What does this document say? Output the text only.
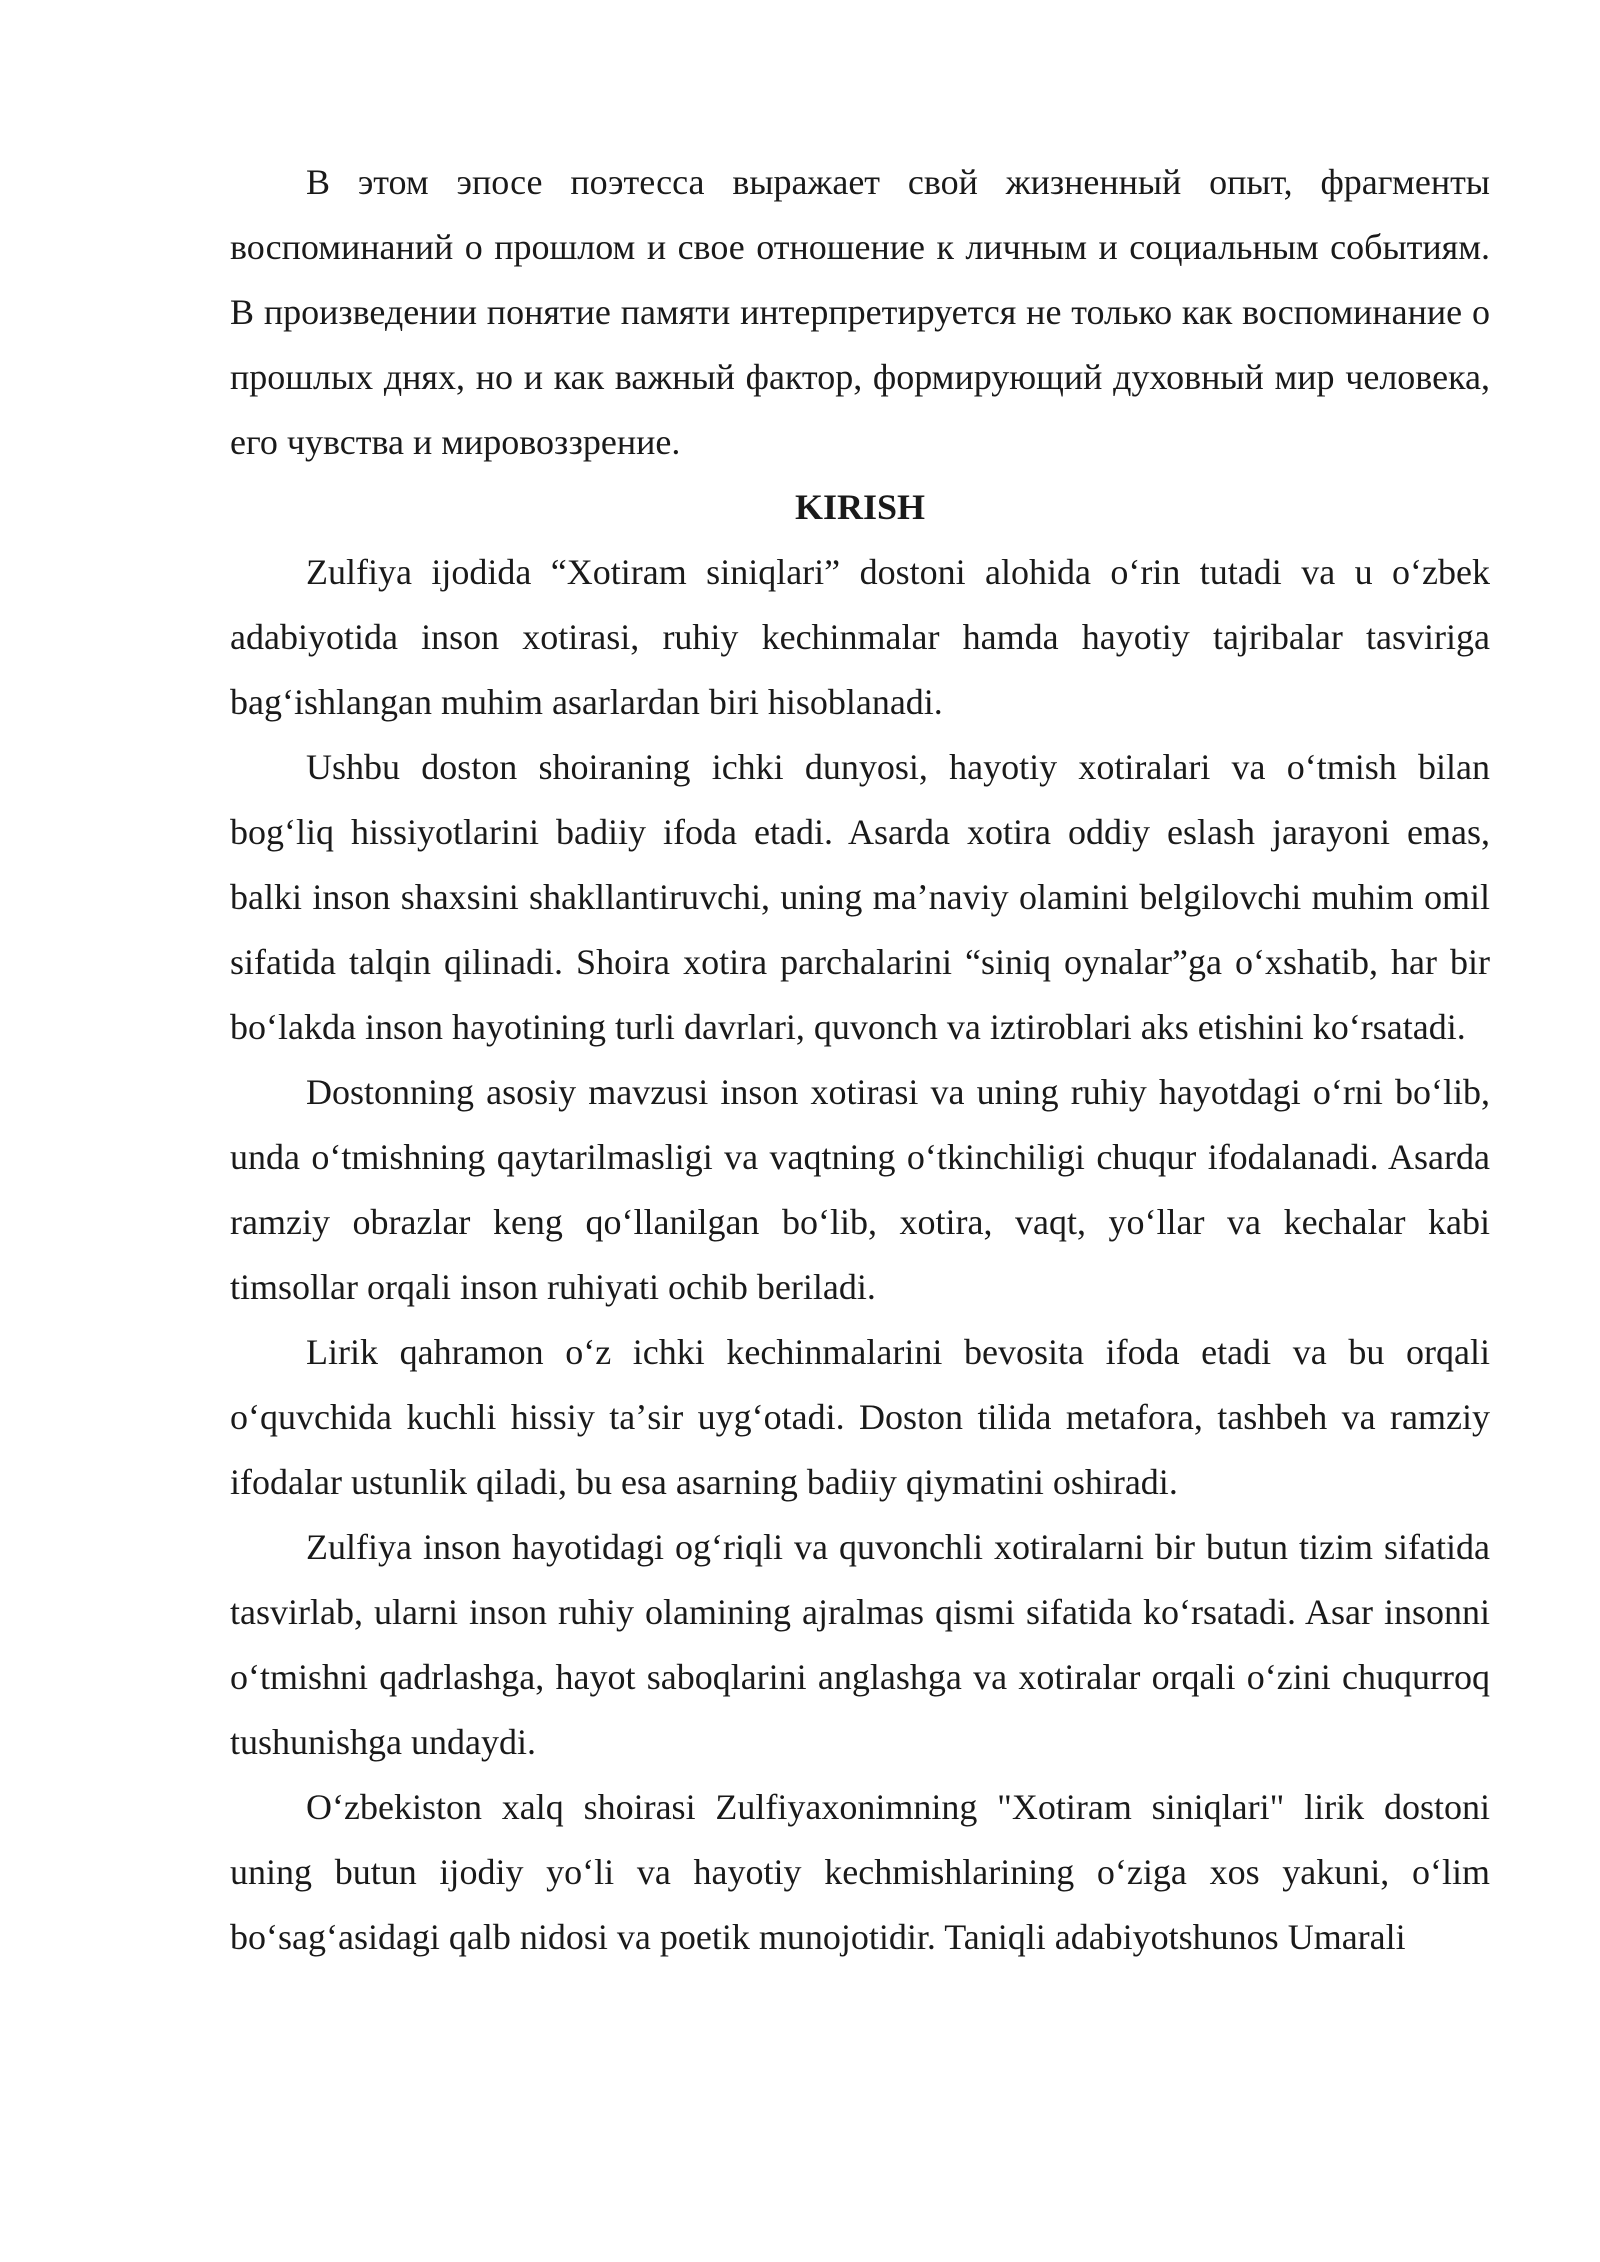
В этом эпосе поэтесса выражает свой жизненный опыт, фрагменты воспоминаний о прошлом и свое отношение к личным и социальным событиям. В произведении понятие памяти интерпретируется не только как воспоминание о прошлых днях, но и как важный фактор, формирующий духовный мир человека, его чувства и мировоззрение.

KIRISH

Zulfiya ijodida “Xotiram siniqlari” dostoni alohida oʻrin tutadi va u oʻzbek adabiyotida inson xotirasi, ruhiy kechinmalar hamda hayotiy tajribalar tasviriga bagʻishlangan muhim asarlardan biri hisoblanadi.

Ushbu doston shoiraning ichki dunyosi, hayotiy xotiralari va oʻtmish bilan bogʻliq hissiyotlarini badiiy ifoda etadi. Asarda xotira oddiy eslash jarayoni emas, balki inson shaxsini shakllantiruvchi, uning maʼnaviy olamini belgilovchi muhim omil sifatida talqin qilinadi. Shoira xotira parchalarini “siniq oynalar”ga oʻxshatib, har bir boʻlakda inson hayotining turli davrlari, quvonch va iztiroblari aks etishini koʻrsatadi.

Dostonning asosiy mavzusi inson xotirasi va uning ruhiy hayotdagi oʻrni boʻlib, unda oʻtmishning qaytarilmasligi va vaqtning oʻtkinchiligi chuqur ifodalanadi. Asarda ramziy obrazlar keng qoʻllanilgan boʻlib, xotira, vaqt, yoʻllar va kechalar kabi timsollar orqali inson ruhiyati ochib beriladi.

Lirik qahramon oʻz ichki kechinmalarini bevosita ifoda etadi va bu orqali oʻquvchida kuchli hissiy taʼsir uygʻotadi. Doston tilida metafora, tashbeh va ramziy ifodalar ustunlik qiladi, bu esa asarning badiiy qiymatini oshiradi.

Zulfiya inson hayotidagi ogʻriqli va quvonchli xotiralarni bir butun tizim sifatida tasvirlab, ularni inson ruhiy olamining ajralmas qismi sifatida koʻrsatadi. Asar insonni oʻtmishni qadrlashga, hayot saboqlarini anglashga va xotiralar orqali oʻzini chuqurroq tushunishga undaydi.

Oʻzbekiston xalq shoirasi Zulfiyaxonimning "Xotiram siniqlari" lirik dostoni uning butun ijodiy yoʻli va hayotiy kechmishlarining oʻziga xos yakuni, oʻlim boʻsagʻasidagi qalb nidosi va poetik munojotidir. Taniqli adabiyotshunos Umarali
